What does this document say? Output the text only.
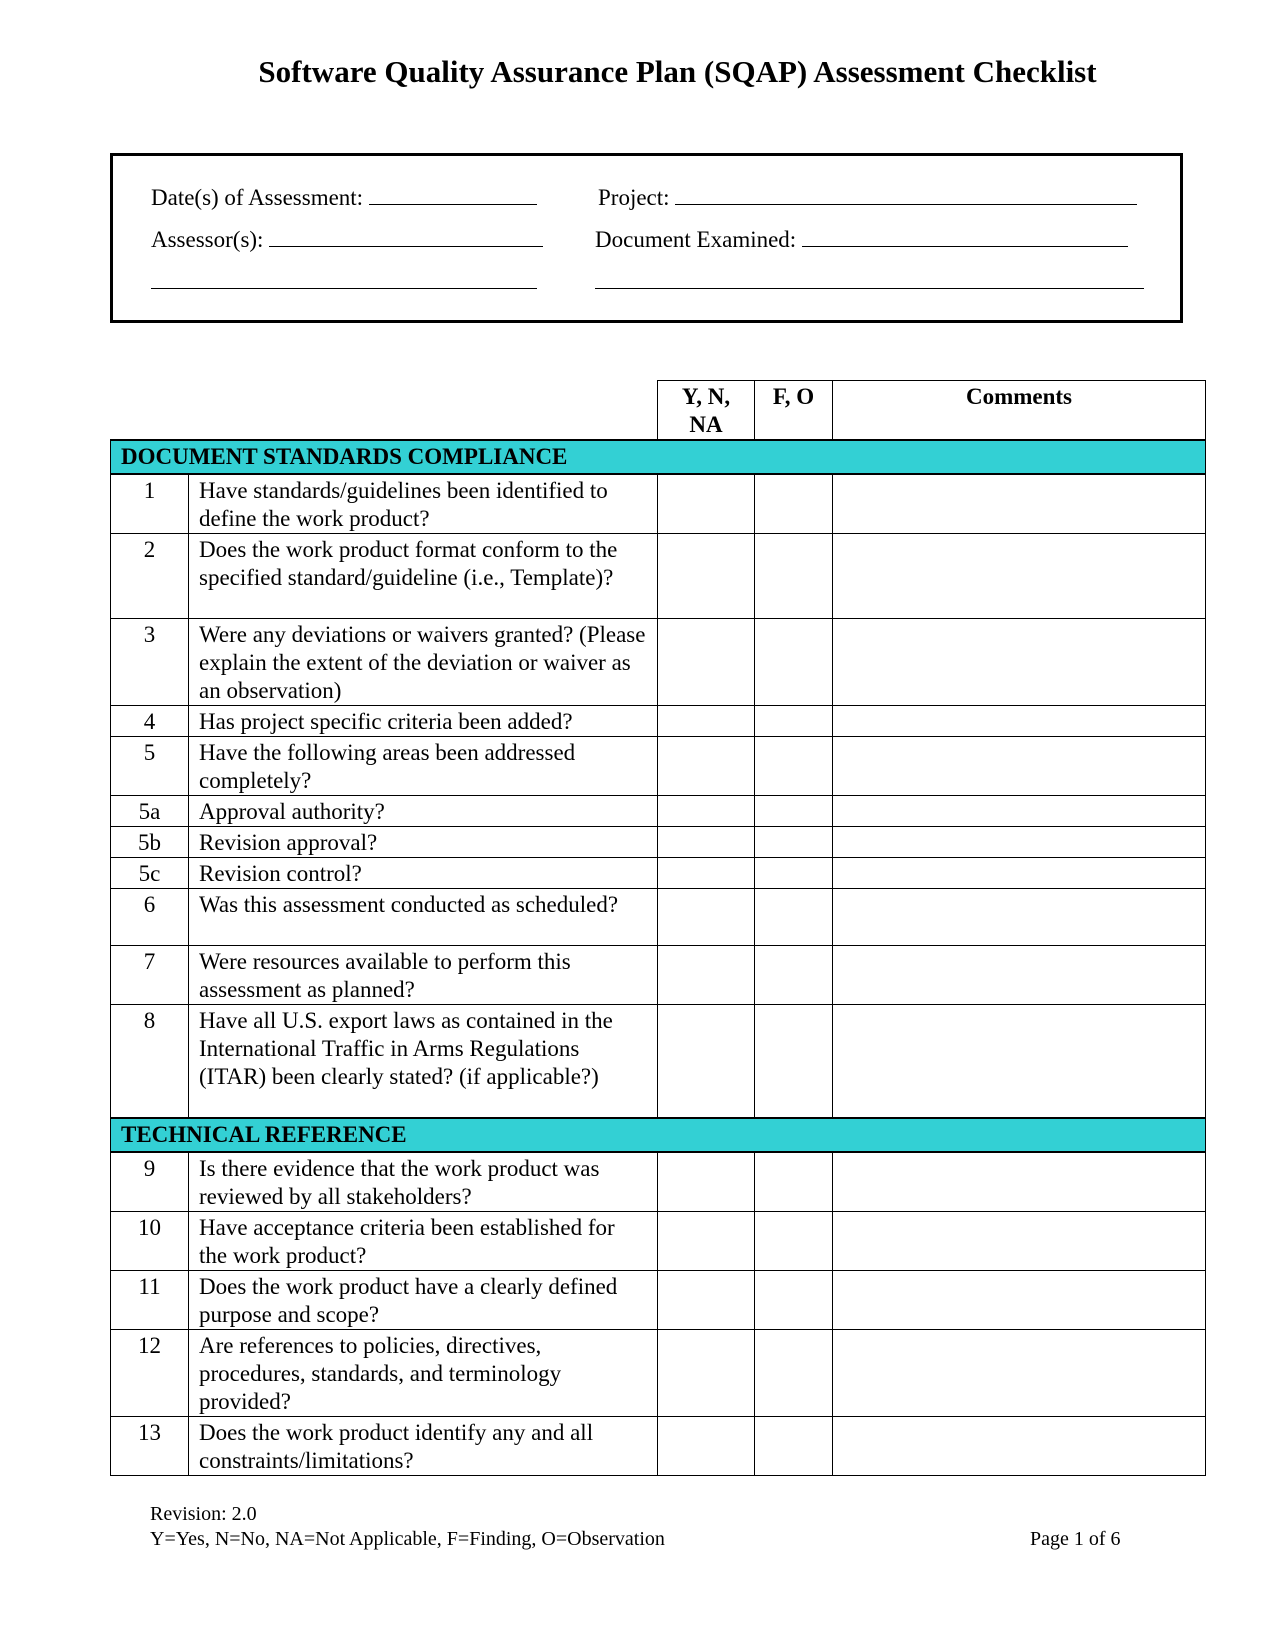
Software Quality Assurance Plan (SQAP) Assessment Checklist
Date(s) of Assessment:	Project:
Assessor(s):	Document Examined:
		Y, N, NA	F, O	Comments
DOCUMENT STANDARDS COMPLIANCE				
1	Have standards/guidelines been identified to define the work product?			
2	Does the work product format conform to the specified standard/guideline (i.e., Template)?			
3	Were any deviations or waivers granted? (Please explain the extent of the deviation or waiver as an observation)			
4	Has project specific criteria been added?			
5	Have the following areas been addressed completely?			
5a	Approval authority?			
5b	Revision approval?			
5c	Revision control?			
6	Was this assessment conducted as scheduled?			
7	Were resources available to perform this assessment as planned?			
8	Have all U.S. export laws as contained in the International Traffic in Arms Regulations (ITAR) been clearly stated? (if applicable?)			
TECHNICAL REFERENCE				
9	Is there evidence that the work product was reviewed by all stakeholders?			
10	Have acceptance criteria been established for the work product?			
11	Does the work product have a clearly defined purpose and scope?			
12	Are references to policies, directives, procedures, standards, and terminology provided?			
13	Does the work product identify any and all constraints/limitations?			
Revision: 2.0
Y=Yes, N=No, NA=Not Applicable, F=Finding, O=Observation	Page 1 of 6
